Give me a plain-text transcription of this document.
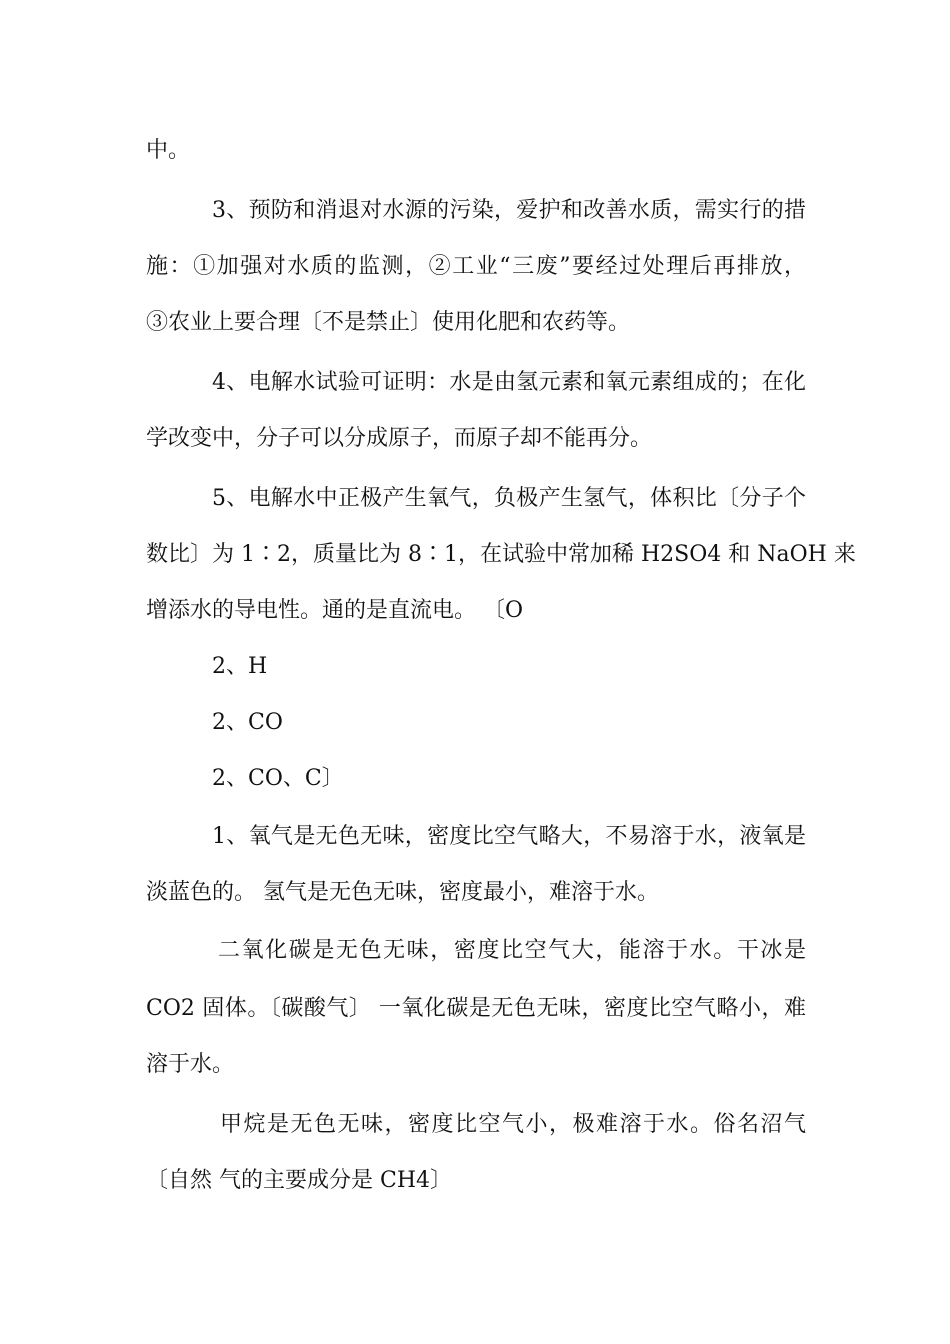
中。
3、预防和消退对水源的污染，爱护和改善水质，需实行的措
施：①加强对水质的监测，②工业“三废”要经过处理后再排放，
③农业上要合理〔不是禁止〕使用化肥和农药等。
4、电解水试验可证明：水是由氢元素和氧元素组成的；在化
学改变中，分子可以分成原子，而原子却不能再分。
5、电解水中正极产生氧气，负极产生氢气，体积比〔分子个
数比〕为 1∶2，质量比为 8∶1，在试验中常加稀 H2SO4 和 NaOH 来
增添水的导电性。通的是直流电。 〔O
2、H
2、CO
2、CO、C〕
1、氧气是无色无味，密度比空气略大，不易溶于水，液氧是
淡蓝色的。 氢气是无色无味，密度最小，难溶于水。
二氧化碳是无色无味，密度比空气大，能溶于水。干冰是
CO2 固体。〔碳酸气〕 一氧化碳是无色无味，密度比空气略小，难
溶于水。
甲烷是无色无味，密度比空气小，极难溶于水。俗名沼气
〔自然 气的主要成分是 CH4〕
